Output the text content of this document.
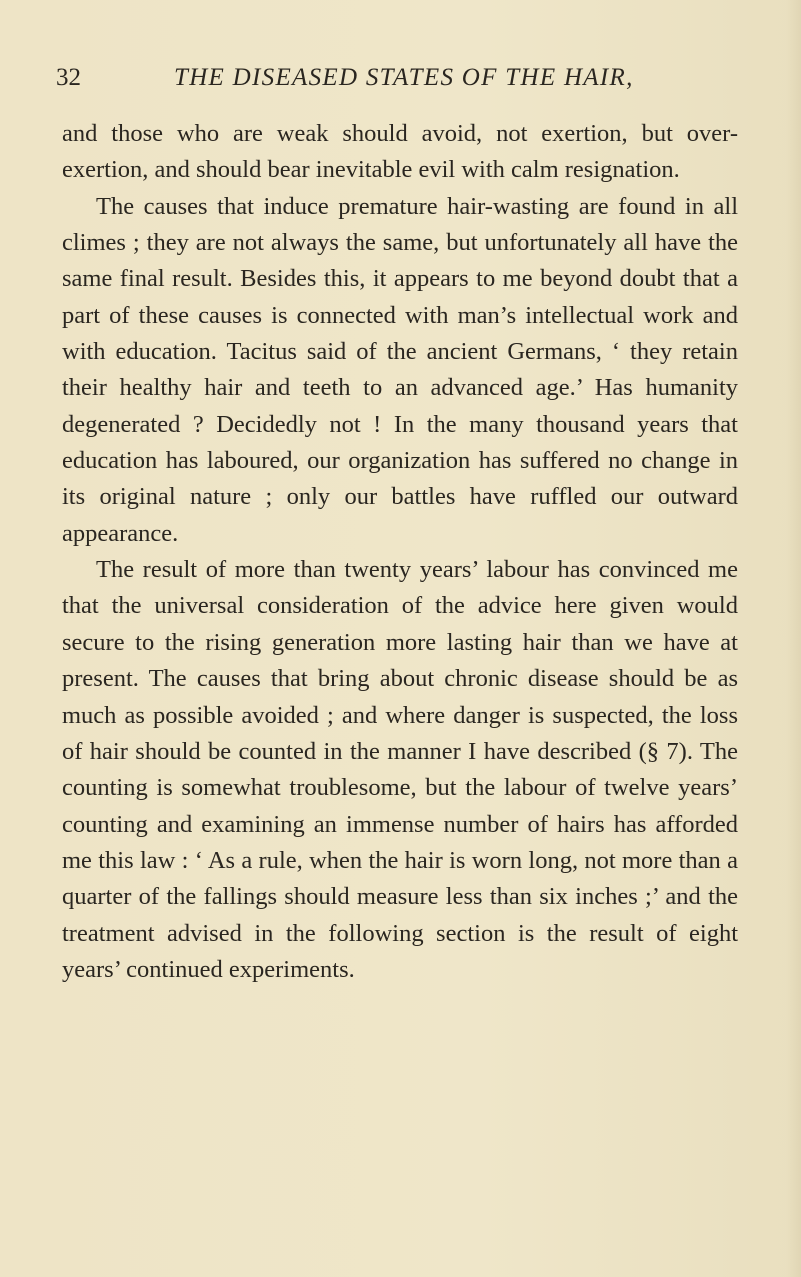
32	THE DISEASED STATES OF THE HAIR,

and those who are weak should avoid, not exertion, but over-exertion, and should bear inevitable evil with calm resignation.

The causes that induce premature hair-wasting are found in all climes ; they are not always the same, but unfortunately all have the same final result. Besides this, it appears to me beyond doubt that a part of these causes is connected with man’s intellectual work and with education. Tacitus said of the ancient Germans, ‘ they retain their healthy hair and teeth to an advanced age.’ Has humanity degenerated ? Decidedly not ! In the many thousand years that education has laboured, our organization has suffered no change in its original nature ; only our battles have ruffled our outward appearance.

The result of more than twenty years’ labour has convinced me that the universal consideration of the advice here given would secure to the rising generation more lasting hair than we have at present. The causes that bring about chronic disease should be as much as possible avoided ; and where danger is suspected, the loss of hair should be counted in the manner I have described (§ 7). The counting is somewhat troublesome, but the labour of twelve years’ counting and examining an immense number of hairs has afforded me this law : ‘ As a rule, when the hair is worn long, not more than a quarter of the fallings should measure less than six inches ;’ and the treatment advised in the following section is the result of eight years’ continued experiments.
